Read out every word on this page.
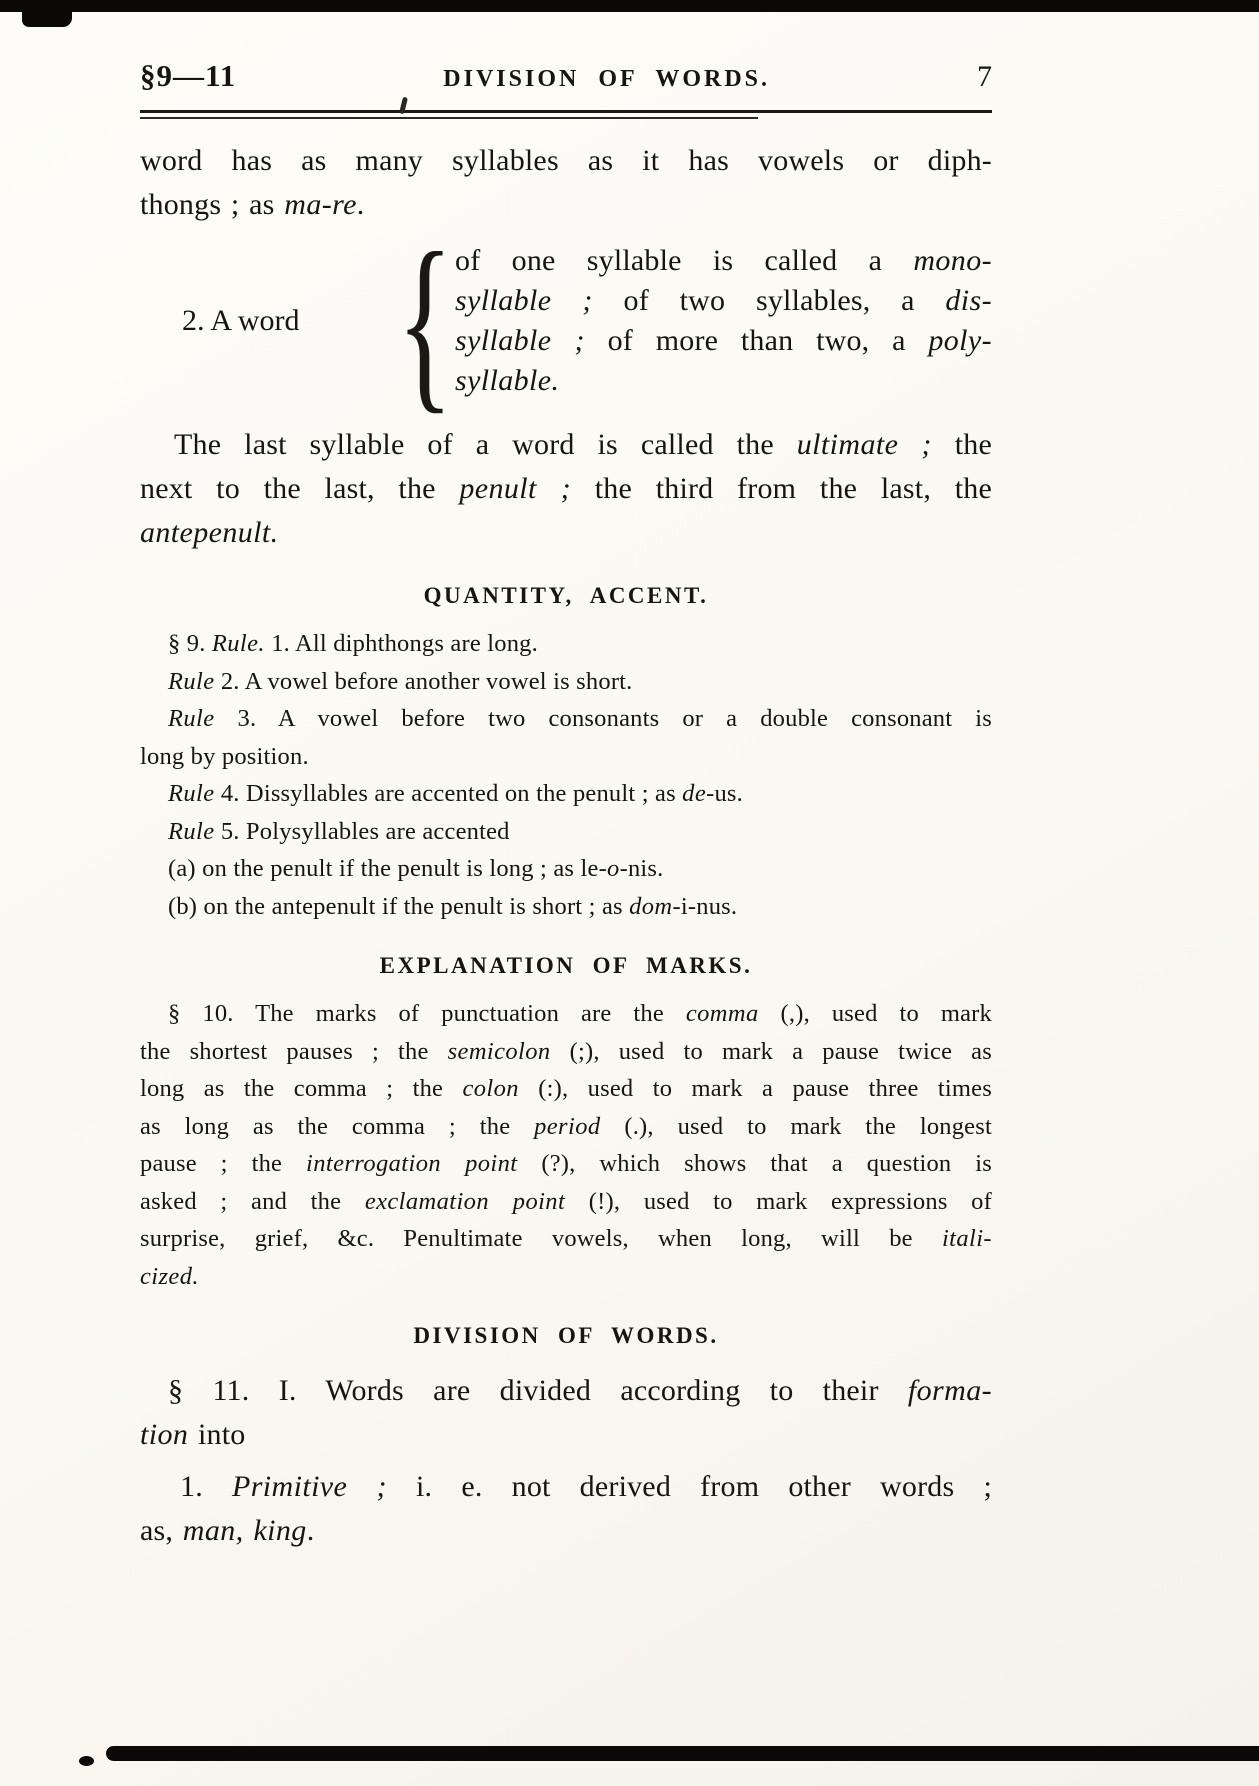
§9—11	DIVISION OF WORDS.	7

word has as many syllables as it has vowels or diph-
thongs ; as ma-re.

2. A word { of one syllable is called a mono-
syllable ; of two syllables, a dis-
syllable ; of more than two, a poly-
syllable.

The last syllable of a word is called the ultimate ; the
next to the last, the penult ; the third from the last, the
antepenult.

QUANTITY, ACCENT.
§ 9. Rule. 1. All diphthongs are long.
Rule 2. A vowel before another vowel is short.
Rule 3. A vowel before two consonants or a double consonant is
long by position.
Rule 4. Dissyllables are accented on the penult ; as de-us.
Rule 5. Polysyllables are accented
(a) on the penult if the penult is long ; as le-o-nis.
(b) on the antepenult if the penult is short ; as dom-i-nus.
EXPLANATION OF MARKS.
§ 10. The marks of punctuation are the comma (,), used to mark
the shortest pauses ; the semicolon (;), used to mark a pause twice as
long as the comma ; the colon (:), used to mark a pause three times
as long as the comma ; the period (.), used to mark the longest
pause ; the interrogation point (?), which shows that a question is
asked ; and the exclamation point (!), used to mark expressions of
surprise, grief, &c. Penultimate vowels, when long, will be itali-
cized.
DIVISION OF WORDS.

§ 11. I. Words are divided according to their forma-
tion into

1. Primitive ; i. e. not derived from other words ;
as, man, king.
